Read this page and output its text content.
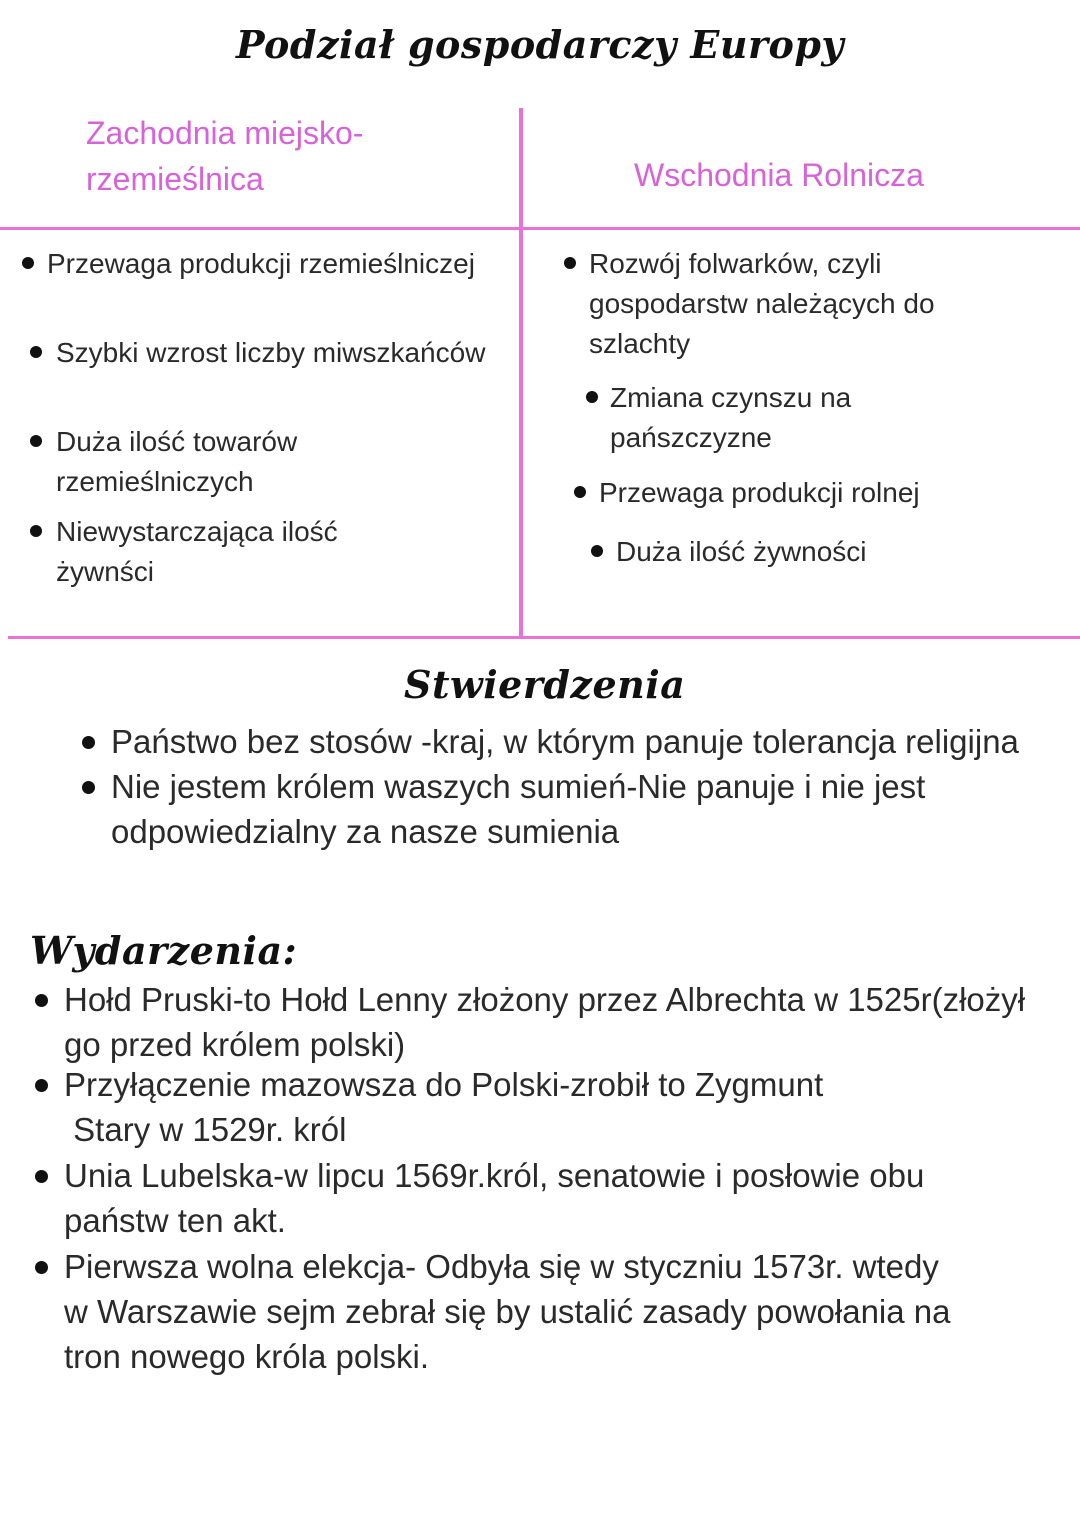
Podział gospodarczy Europy
Zachodnia miejsko-
rzemieślnica	Wschodnia Rolnicza
Przewaga produkcji rzemieślniczej
Szybki wzrost liczby miwszkańców
Duża ilość towarów
rzemieślniczych
Niewystarczająca ilość
żywnści
Rozwój folwarków, czyli
gospodarstw należących do
szlachty
Zmiana czynszu na
pańszczyzne
Przewaga produkcji rolnej
Duża ilość żywności
Stwierdzenia
Państwo bez stosów -kraj, w którym panuje tolerancja religijna
Nie jestem królem waszych sumień-Nie panuje i nie jest
odpowiedzialny za nasze sumienia
Wydarzenia:
Hołd Pruski-to Hołd Lenny złożony przez Albrechta w 1525r(złożył
go przed królem polski)
Przyłączenie mazowsza do Polski-zrobił to Zygmunt
Stary w 1529r. król
Unia Lubelska-w lipcu 1569r.król, senatowie i posłowie obu
państw ten akt.
Pierwsza wolna elekcja- Odbyła się w styczniu 1573r. wtedy
w Warszawie sejm zebrał się by ustalić zasady powołania na
tron nowego króla polski.
